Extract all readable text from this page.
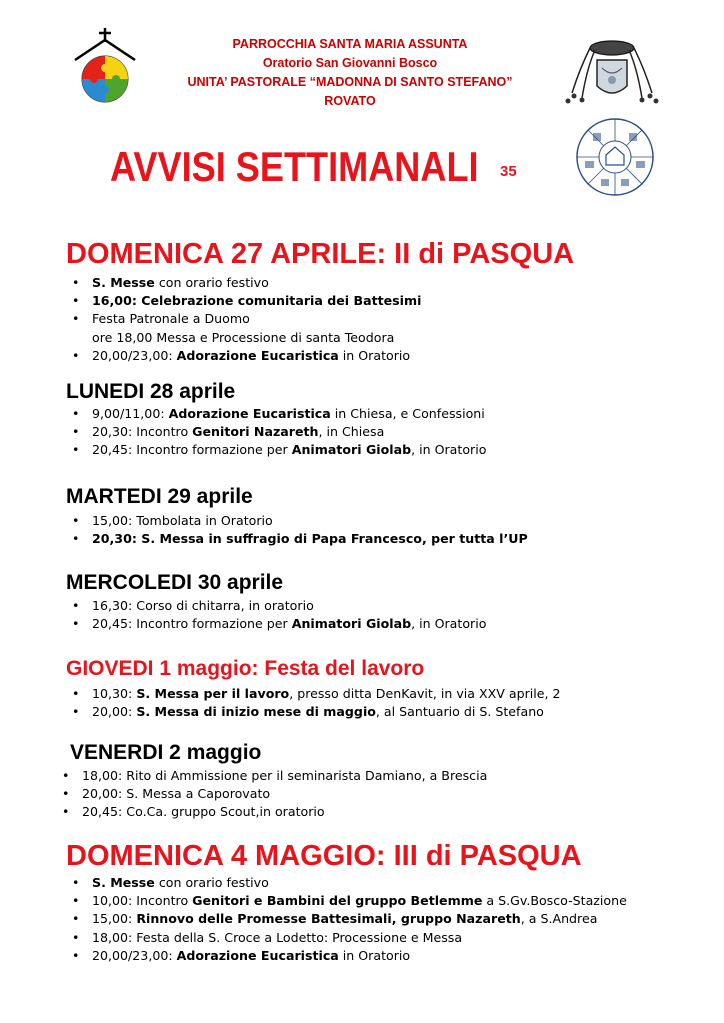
PARROCCHIA SANTA MARIA ASSUNTA
Oratorio San Giovanni Bosco
UNITA’ PASTORALE “MADONNA DI SANTO STEFANO”
ROVATO
AVVISI SETTIMANALI 35
DOMENICA 27 APRILE: II di PASQUA
• S. Messe con orario festivo
• 16,00: Celebrazione comunitaria dei Battesimi
• Festa Patronale a Duomo
ore 18,00 Messa e Processione di santa Teodora
• 20,00/23,00: Adorazione Eucaristica in Oratorio
LUNEDI 28 aprile
• 9,00/11,00: Adorazione Eucaristica in Chiesa, e Confessioni
• 20,30: Incontro Genitori Nazareth, in Chiesa
• 20,45: Incontro formazione per Animatori Giolab, in Oratorio
MARTEDI 29 aprile
• 15,00: Tombolata in Oratorio
• 20,30: S. Messa in suffragio di Papa Francesco, per tutta l’UP
MERCOLEDI 30 aprile
• 16,30: Corso di chitarra, in oratorio
• 20,45: Incontro formazione per Animatori Giolab, in Oratorio
GIOVEDI 1 maggio: Festa del lavoro
• 10,30: S. Messa per il lavoro, presso ditta DenKavit, in via XXV aprile, 2
• 20,00: S. Messa di inizio mese di maggio, al Santuario di S. Stefano
VENERDI 2 maggio
• 18,00: Rito di Ammissione per il seminarista Damiano, a Brescia
• 20,00: S. Messa a Caporovato
• 20,45: Co.Ca. gruppo Scout,in oratorio
DOMENICA 4 MAGGIO: III di PASQUA
• S. Messe con orario festivo
• 10,00: Incontro Genitori e Bambini del gruppo Betlemme a S.Gv.Bosco-Stazione
• 15,00: Rinnovo delle Promesse Battesimali, gruppo Nazareth, a S.Andrea
• 18,00: Festa della S. Croce a Lodetto: Processione e Messa
• 20,00/23,00: Adorazione Eucaristica in Oratorio
